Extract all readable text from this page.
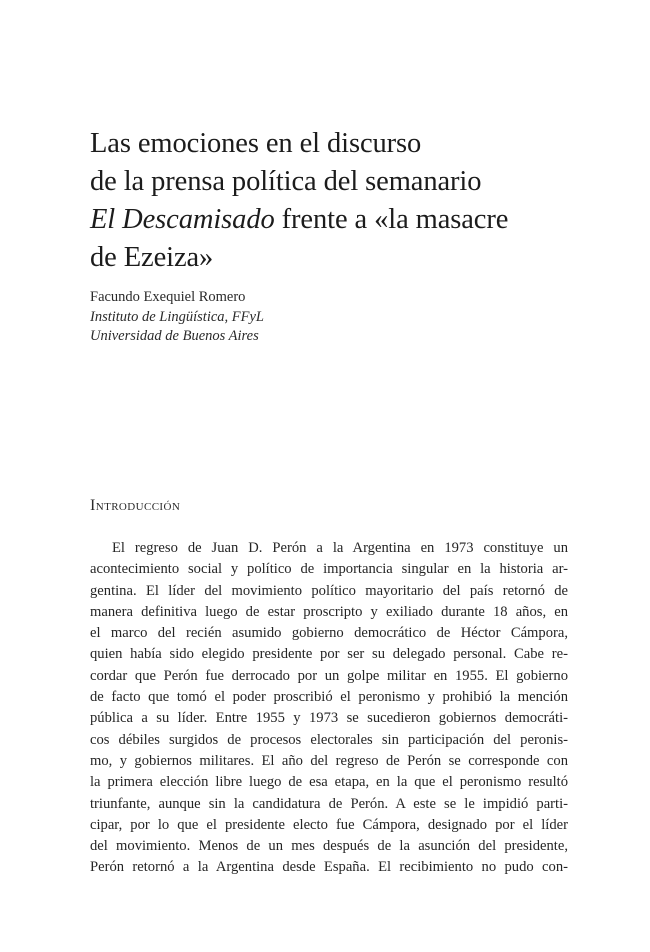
Las emociones en el discurso
de la prensa política del semanario
El Descamisado frente a «la masacre
de Ezeiza»
Facundo Exequiel Romero
Instituto de Lingüística, FFyL
Universidad de Buenos Aires
Introducción
El regreso de Juan D. Perón a la Argentina en 1973 constituye un
acontecimiento social y político de importancia singular en la historia ar-
gentina. El líder del movimiento político mayoritario del país retornó de
manera definitiva luego de estar proscripto y exiliado durante 18 años, en
el marco del recién asumido gobierno democrático de Héctor Cámpora,
quien había sido elegido presidente por ser su delegado personal. Cabe re-
cordar que Perón fue derrocado por un golpe militar en 1955. El gobierno
de facto que tomó el poder proscribió el peronismo y prohibió la mención
pública a su líder. Entre 1955 y 1973 se sucedieron gobiernos democráti-
cos débiles surgidos de procesos electorales sin participación del peronis-
mo, y gobiernos militares. El año del regreso de Perón se corresponde con
la primera elección libre luego de esa etapa, en la que el peronismo resultó
triunfante, aunque sin la candidatura de Perón. A este se le impidió parti-
cipar, por lo que el presidente electo fue Cámpora, designado por el líder
del movimiento. Menos de un mes después de la asunción del presidente,
Perón retornó a la Argentina desde España. El recibimiento no pudo con-
